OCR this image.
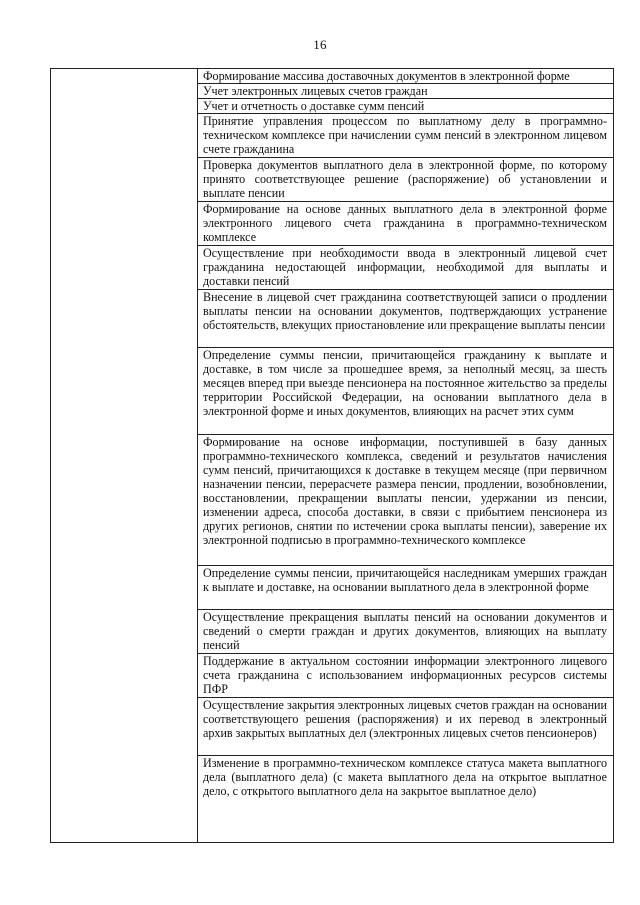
16
Формирование массива доставочных документов в электронной форме
Учет электронных лицевых счетов граждан
Учет и отчетность о доставке сумм пенсий
Принятие управления процессом по выплатному делу в программно-техническом комплексе при начислении сумм пенсий в электронном лицевом счете гражданина
Проверка документов выплатного дела в электронной форме, по которому принято соответствующее решение (распоряжение) об установлении и выплате пенсии
Формирование на основе данных выплатного дела в электронной форме электронного лицевого счета гражданина в программно-техническом комплексе
Осуществление при необходимости ввода в электронный лицевой счет гражданина недостающей информации, необходимой для выплаты и доставки пенсий
Внесение в лицевой счет гражданина соответствующей записи о продлении выплаты пенсии на основании документов, подтверждающих устранение обстоятельств, влекущих приостановление или прекращение выплаты пенсии
Определение суммы пенсии, причитающейся гражданину к выплате и доставке, в том числе за прошедшее время, за неполный месяц, за шесть месяцев вперед при выезде пенсионера на постоянное жительство за пределы территории Российской Федерации, на основании выплатного дела в электронной форме и иных документов, влияющих на расчет этих сумм
Формирование на основе информации, поступившей в базу данных программно-технического комплекса, сведений и результатов начисления сумм пенсий, причитающихся к доставке в текущем месяце (при первичном назначении пенсии, перерасчете размера пенсии, продлении, возобновлении, восстановлении, прекращении выплаты пенсии, удержании из пенсии, изменении адреса, способа доставки, в связи с прибытием пенсионера из других регионов, снятии по истечении срока выплаты пенсии), заверение их электронной подписью в программно-технического комплексе
Определение суммы пенсии, причитающейся наследникам умерших граждан к выплате и доставке, на основании выплатного дела в электронной форме
Осуществление прекращения выплаты пенсий на основании документов и сведений о смерти граждан и других документов, влияющих на выплату пенсий
Поддержание в актуальном состоянии информации электронного лицевого счета гражданина с использованием информационных ресурсов системы ПФР
Осуществление закрытия электронных лицевых счетов граждан на основании соответствующего решения (распоряжения) и их перевод в электронный архив закрытых выплатных дел (электронных лицевых счетов пенсионеров)
Изменение в программно-техническом комплексе статуса макета выплатного дела (выплатного дела) (с макета выплатного дела на открытое выплатное дело, с открытого выплатного дела на закрытое выплатное дело)
